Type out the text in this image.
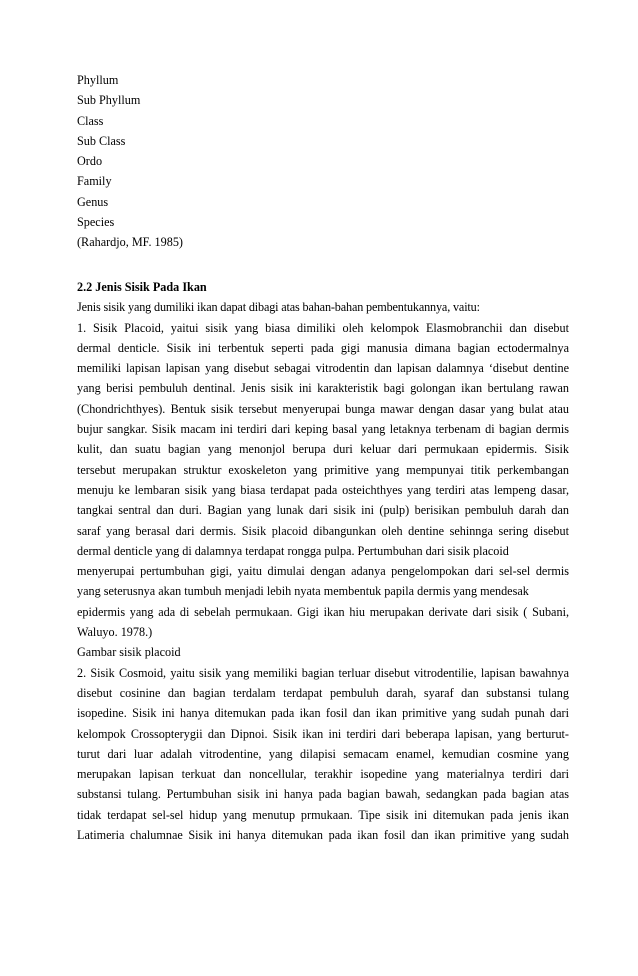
Phyllum

Sub Phyllum

Class

Sub Class

Ordo

Family

Genus

Species

(Rahardjo, MF. 1985)

2.2 Jenis Sisik Pada Ikan

Jenis sisik yang dumiliki ikan dapat dibagi atas bahan-bahan pembentukannya, vaitu:

1. Sisik Placoid, yaitui sisik yang biasa dimiliki oleh kelompok Elasmobranchii dan disebut

dermal denticle. Sisik ini terbentuk seperti pada gigi manusia dimana bagian ectodermalnya

memiliki lapisan lapisan yang disebut sebagai vitrodentin dan lapisan dalamnya ‘disebut dentine

yang berisi pembuluh dentinal. Jenis sisik ini karakteristik bagi golongan ikan bertulang rawan

(Chondrichthyes). Bentuk sisik tersebut menyerupai bunga mawar dengan dasar yang bulat atau

bujur sangkar. Sisik macam ini terdiri dari keping basal yang letaknya terbenam di bagian dermis

kulit, dan suatu bagian yang menonjol berupa duri keluar dari permukaan epidermis. Sisik

tersebut merupakan struktur exoskeleton yang primitive yang mempunyai titik perkembangan

menuju ke lembaran sisik yang biasa terdapat pada osteichthyes yang terdiri atas lempeng dasar,

tangkai sentral dan duri. Bagian yang lunak dari sisik ini (pulp) berisikan pembuluh darah dan

saraf yang berasal dari dermis. Sisik placoid dibangunkan oleh dentine sehinnga sering disebut

dermal denticle yang di dalamnya terdapat rongga pulpa. Pertumbuhan dari sisik placoid

menyerupai pertumbuhan gigi, yaitu dimulai dengan adanya pengelompokan dari sel-sel dermis

yang seterusnya akan tumbuh menjadi lebih nyata membentuk papila dermis yang mendesak

epidermis yang ada di sebelah permukaan. Gigi ikan hiu merupakan derivate dari sisik ( Subani,

Waluyo. 1978.)

Gambar sisik placoid

2. Sisik Cosmoid, yaitu sisik yang memiliki bagian terluar disebut vitrodentilie, lapisan bawahnya

disebut cosinine dan bagian terdalam terdapat pembuluh darah, syaraf dan substansi tulang

isopedine. Sisik ini hanya ditemukan pada ikan fosil dan ikan primitive yang sudah punah dari

kelompok Crossopterygii dan Dipnoi. Sisik ikan ini terdiri dari beberapa lapisan, yang berturut-

turut dari luar adalah vitrodentine, yang dilapisi semacam enamel, kemudian cosmine yang

merupakan lapisan terkuat dan noncellular, terakhir isopedine yang materialnya terdiri dari

substansi tulang. Pertumbuhan sisik ini hanya pada bagian bawah, sedangkan pada bagian atas

tidak terdapat sel-sel hidup yang menutup prmukaan. Tipe sisik ini ditemukan pada jenis ikan

Latimeria chalumnae Sisik ini hanya ditemukan pada ikan fosil dan ikan primitive yang sudah
